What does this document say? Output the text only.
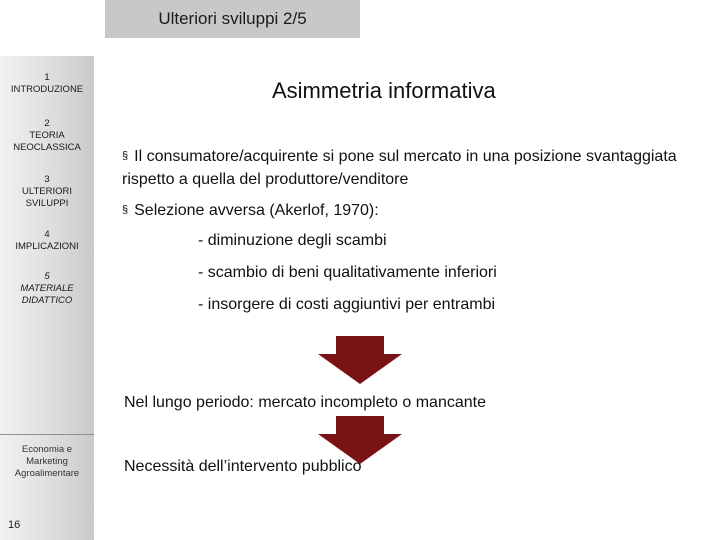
Ulteriori sviluppi 2/5
1
INTRODUZIONE
2
TEORIA NEOCLASSICA
3
ULTERIORI SVILUPPI
4
IMPLICAZIONI
5
MATERIALE DIDATTICO
Economia e Marketing Agroalimentare
16
Asimmetria informativa
§ Il consumatore/acquirente si pone sul mercato in una posizione svantaggiata rispetto a quella del produttore/venditore
§ Selezione avversa (Akerlof, 1970):
- diminuzione degli scambi
- scambio di beni qualitativamente inferiori
- insorgere di costi aggiuntivi per entrambi
Nel lungo periodo: mercato incompleto o mancante
Necessità dell’intervento pubblico
